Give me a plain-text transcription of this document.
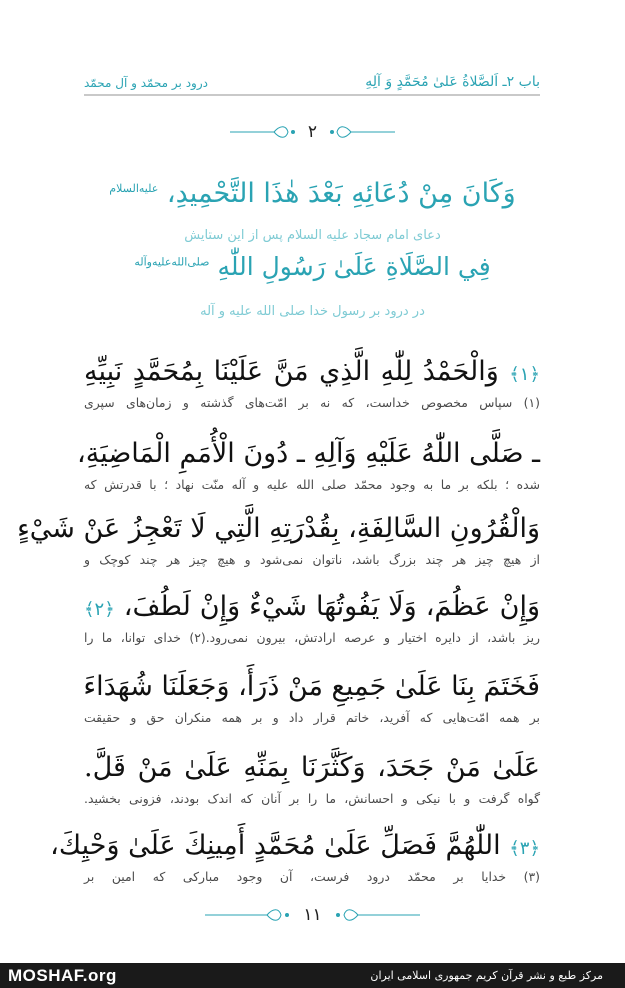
باب ۲ـ اَلصَّلاةُ عَلیٰ مُحَمَّدٍ وَ آلِهِ
درود بر محمّد و آل محمّد
۲
وَكَانَ مِنْ دُعَائِهِ بَعْدَ هٰذَا التَّحْمِيدِ، $^{عليه‌السلام}$
دعای امام سجاد علیه السلام پس از این ستایش
فِي الصَّلَاةِ عَلَىٰ رَسُولِ اللّٰهِ $^{صلی‌الله‌علیه‌وآله}$
در درود بر رسول خدا صلی الله علیه و آله
﴿۱﴾ وَالْحَمْدُ لِلّٰهِ الَّذِي مَنَّ عَلَيْنَا بِمُحَمَّدٍ نَبِيِّهِ
(۱) سپاس مخصوص خداست، که نه بر امّت‌های گذشته و زمان‌های سپری
ـ صَلَّى اللّٰهُ عَلَيْهِ وَآلِهِ ـ دُونَ الْأُمَمِ الْمَاضِيَةِ،
شده ؛ بلکه بر ما به وجود محمّد صلی الله علیه و آله منّت نهاد ؛ با قدرتش که
وَالْقُرُونِ السَّالِفَةِ، بِقُدْرَتِهِ الَّتِي لَا تَعْجِزُ عَنْ شَيْءٍ
از هیچ چیز هر چند بزرگ باشد، ناتوان نمی‌شود و هیچ چیز هر چند کوچک و
وَإِنْ عَظُمَ، وَلَا يَفُوتُهَا شَيْءٌ وَإِنْ لَطُفَ، ﴿۲﴾
ریز باشد، از دایره اختیار و عرصه ارادتش، بیرون نمی‌رود.(۲) خدای توانا، ما را
فَخَتَمَ بِنَا عَلَىٰ جَمِيعِ مَنْ ذَرَأَ، وَجَعَلَنَا شُهَدَاءَ
بر همه امّت‌هایی که آفرید، خاتم قرار داد و بر همه منکران حق و حقیقت
عَلَىٰ مَنْ جَحَدَ، وَكَثَّرَنَا بِمَنِّهِ عَلَىٰ مَنْ قَلَّ.
گواه گرفت و با نیکی و احسانش، ما را بر آنان که اندک بودند، فزونی بخشید.
﴿۳﴾ اللّٰهُمَّ فَصَلِّ عَلَىٰ مُحَمَّدٍ أَمِينِكَ عَلَىٰ وَحْيِكَ،
(۳) خدایا بر محمّد درود فرست، آن وجود مبارکی که امین بر
۱۱
MOSHAF.org	مرکز طبع و نشر قرآن کریم جمهوری اسلامی ایران
